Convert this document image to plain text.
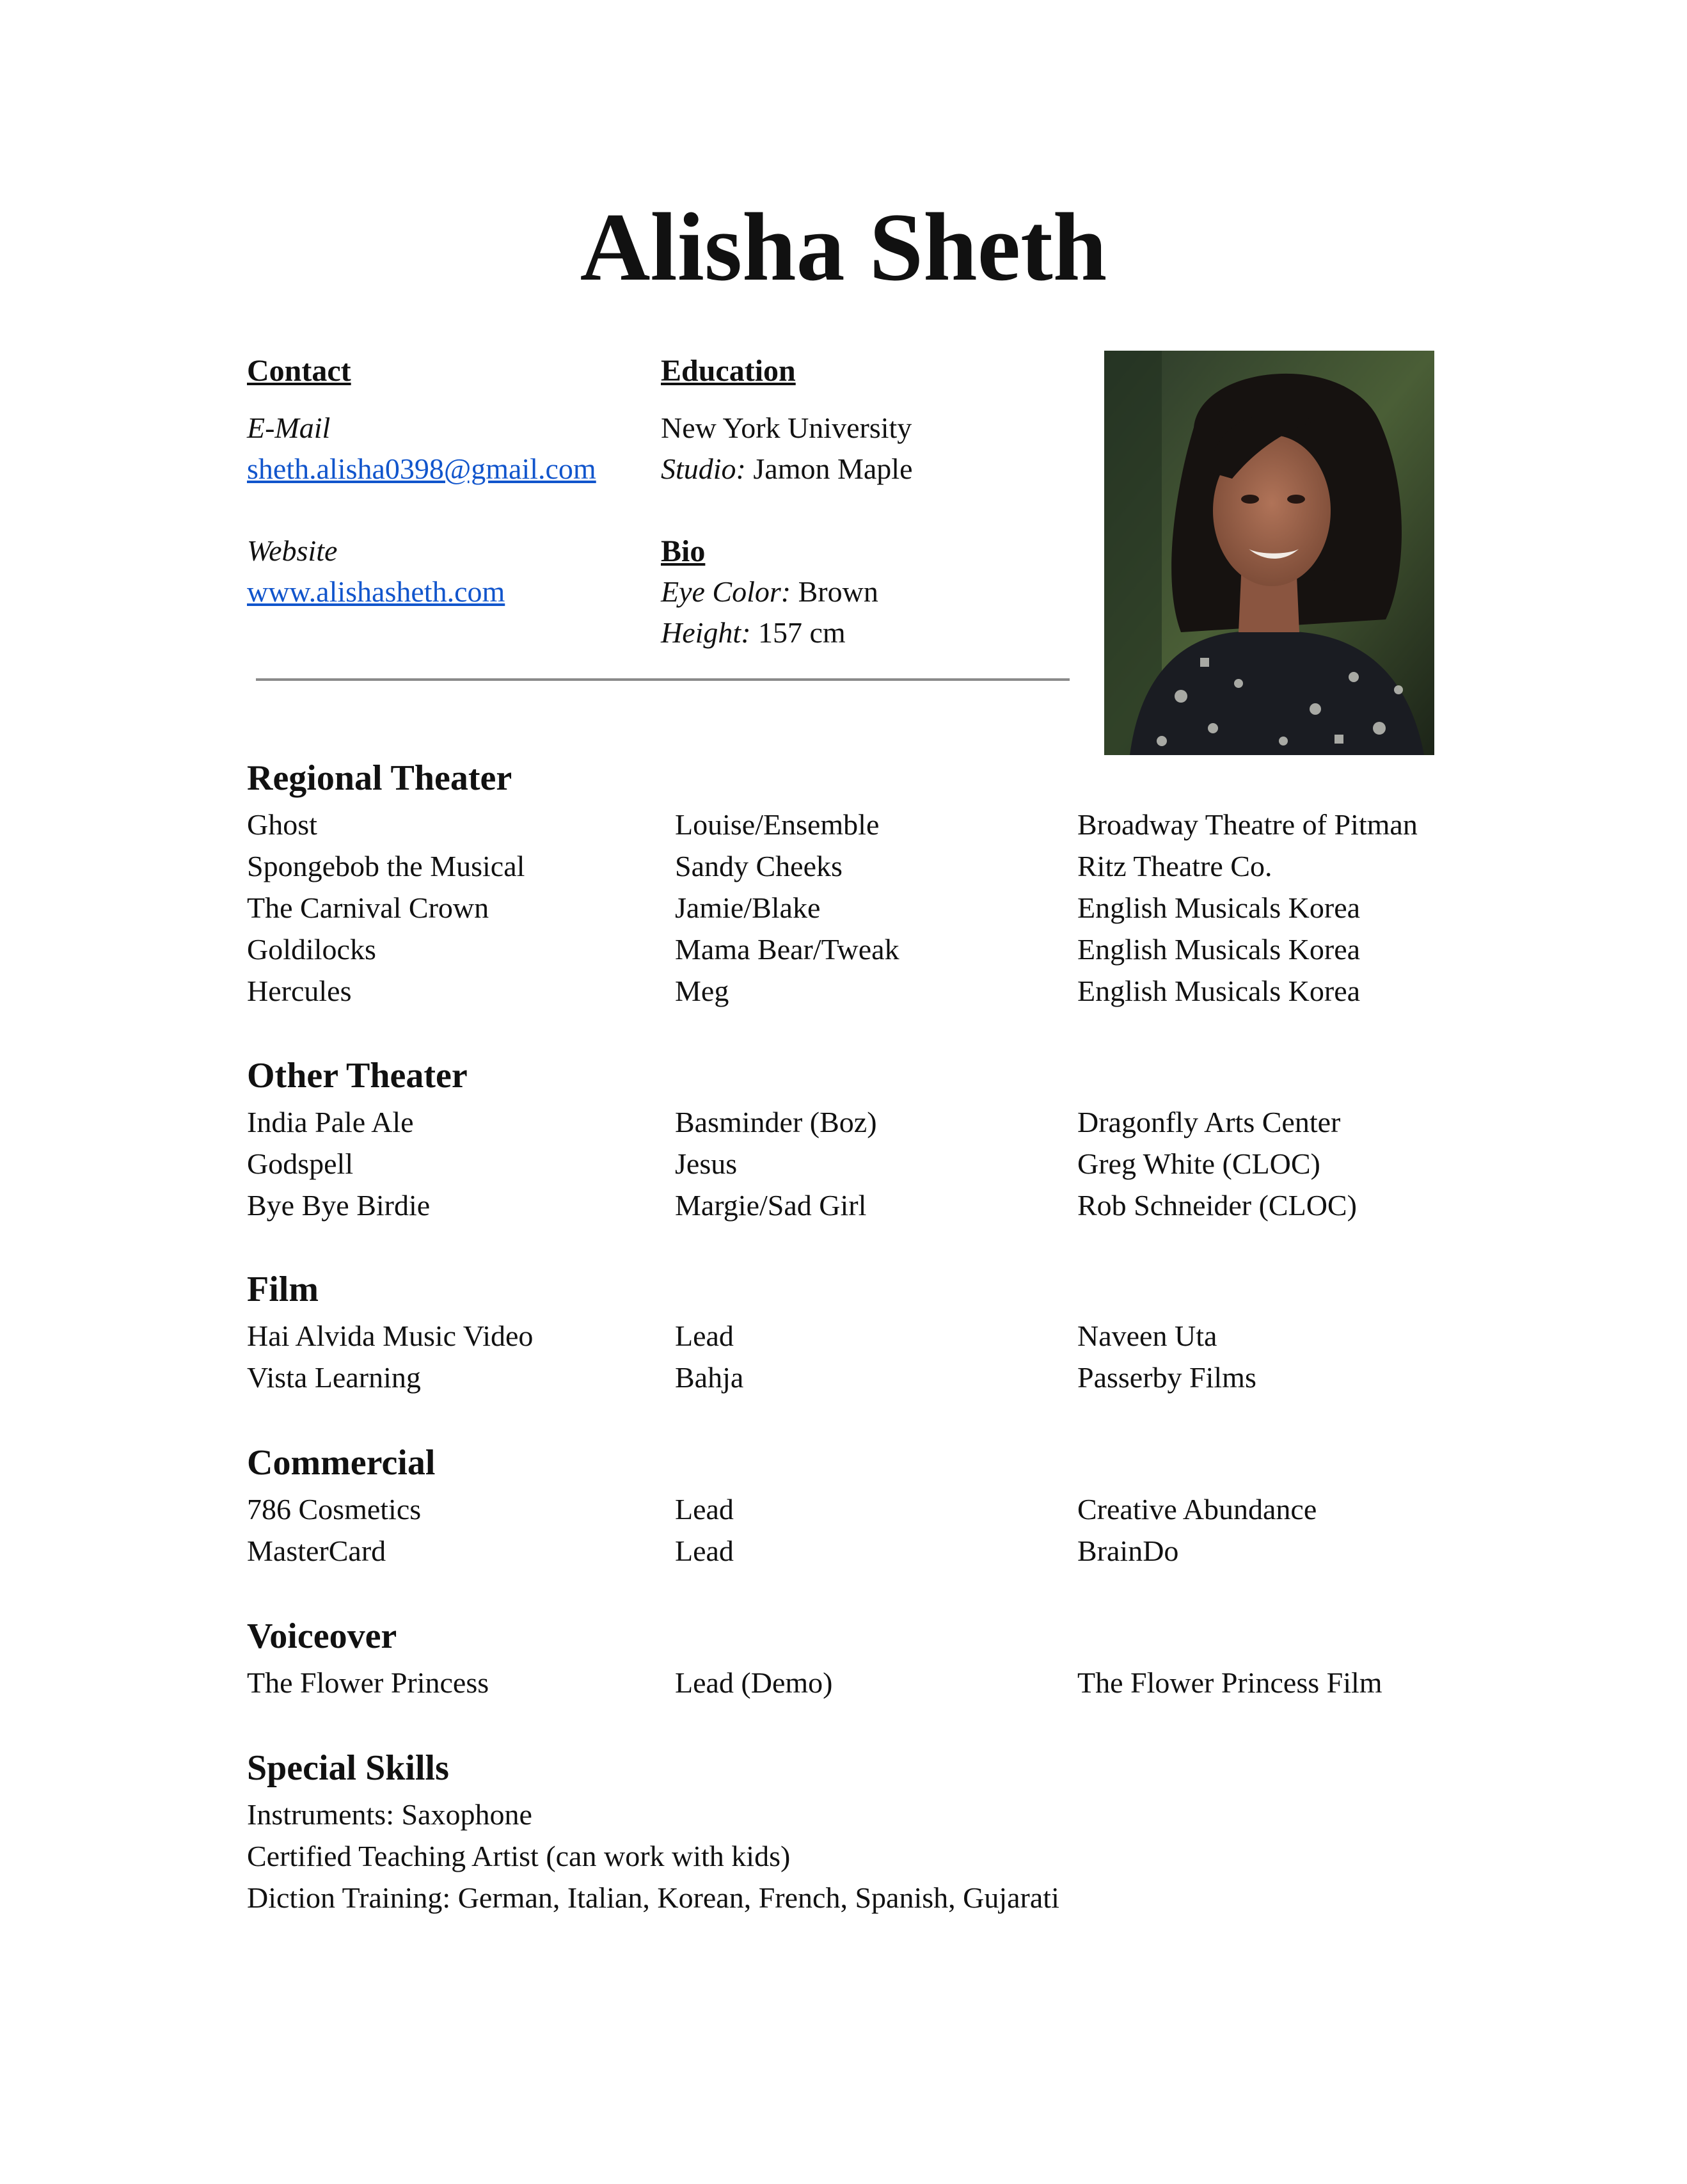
Alisha Sheth
Contact
E-Mail
sheth.alisha0398@gmail.com
Website
www.alishasheth.com
Education
New York University
Studio: Jamon Maple
Bio
Eye Color: Brown
Height: 157 cm
Regional Theater
Ghost	Louise/Ensemble	Broadway Theatre of Pitman
Spongebob the Musical	Sandy Cheeks	Ritz Theatre Co.
The Carnival Crown	Jamie/Blake	English Musicals Korea
Goldilocks	Mama Bear/Tweak	English Musicals Korea
Hercules	Meg	English Musicals Korea
Other Theater
India Pale Ale	Basminder (Boz)	Dragonfly Arts Center
Godspell	Jesus	Greg White (CLOC)
Bye Bye Birdie	Margie/Sad Girl	Rob Schneider (CLOC)
Film
Hai Alvida Music Video	Lead	Naveen Uta
Vista Learning	Bahja	Passerby Films
Commercial
786 Cosmetics	Lead	Creative Abundance
MasterCard	Lead	BrainDo
Voiceover
The Flower Princess	Lead (Demo)	The Flower Princess Film
Special Skills
Instruments: Saxophone
Certified Teaching Artist (can work with kids)
Diction Training: German, Italian, Korean, French, Spanish, Gujarati
